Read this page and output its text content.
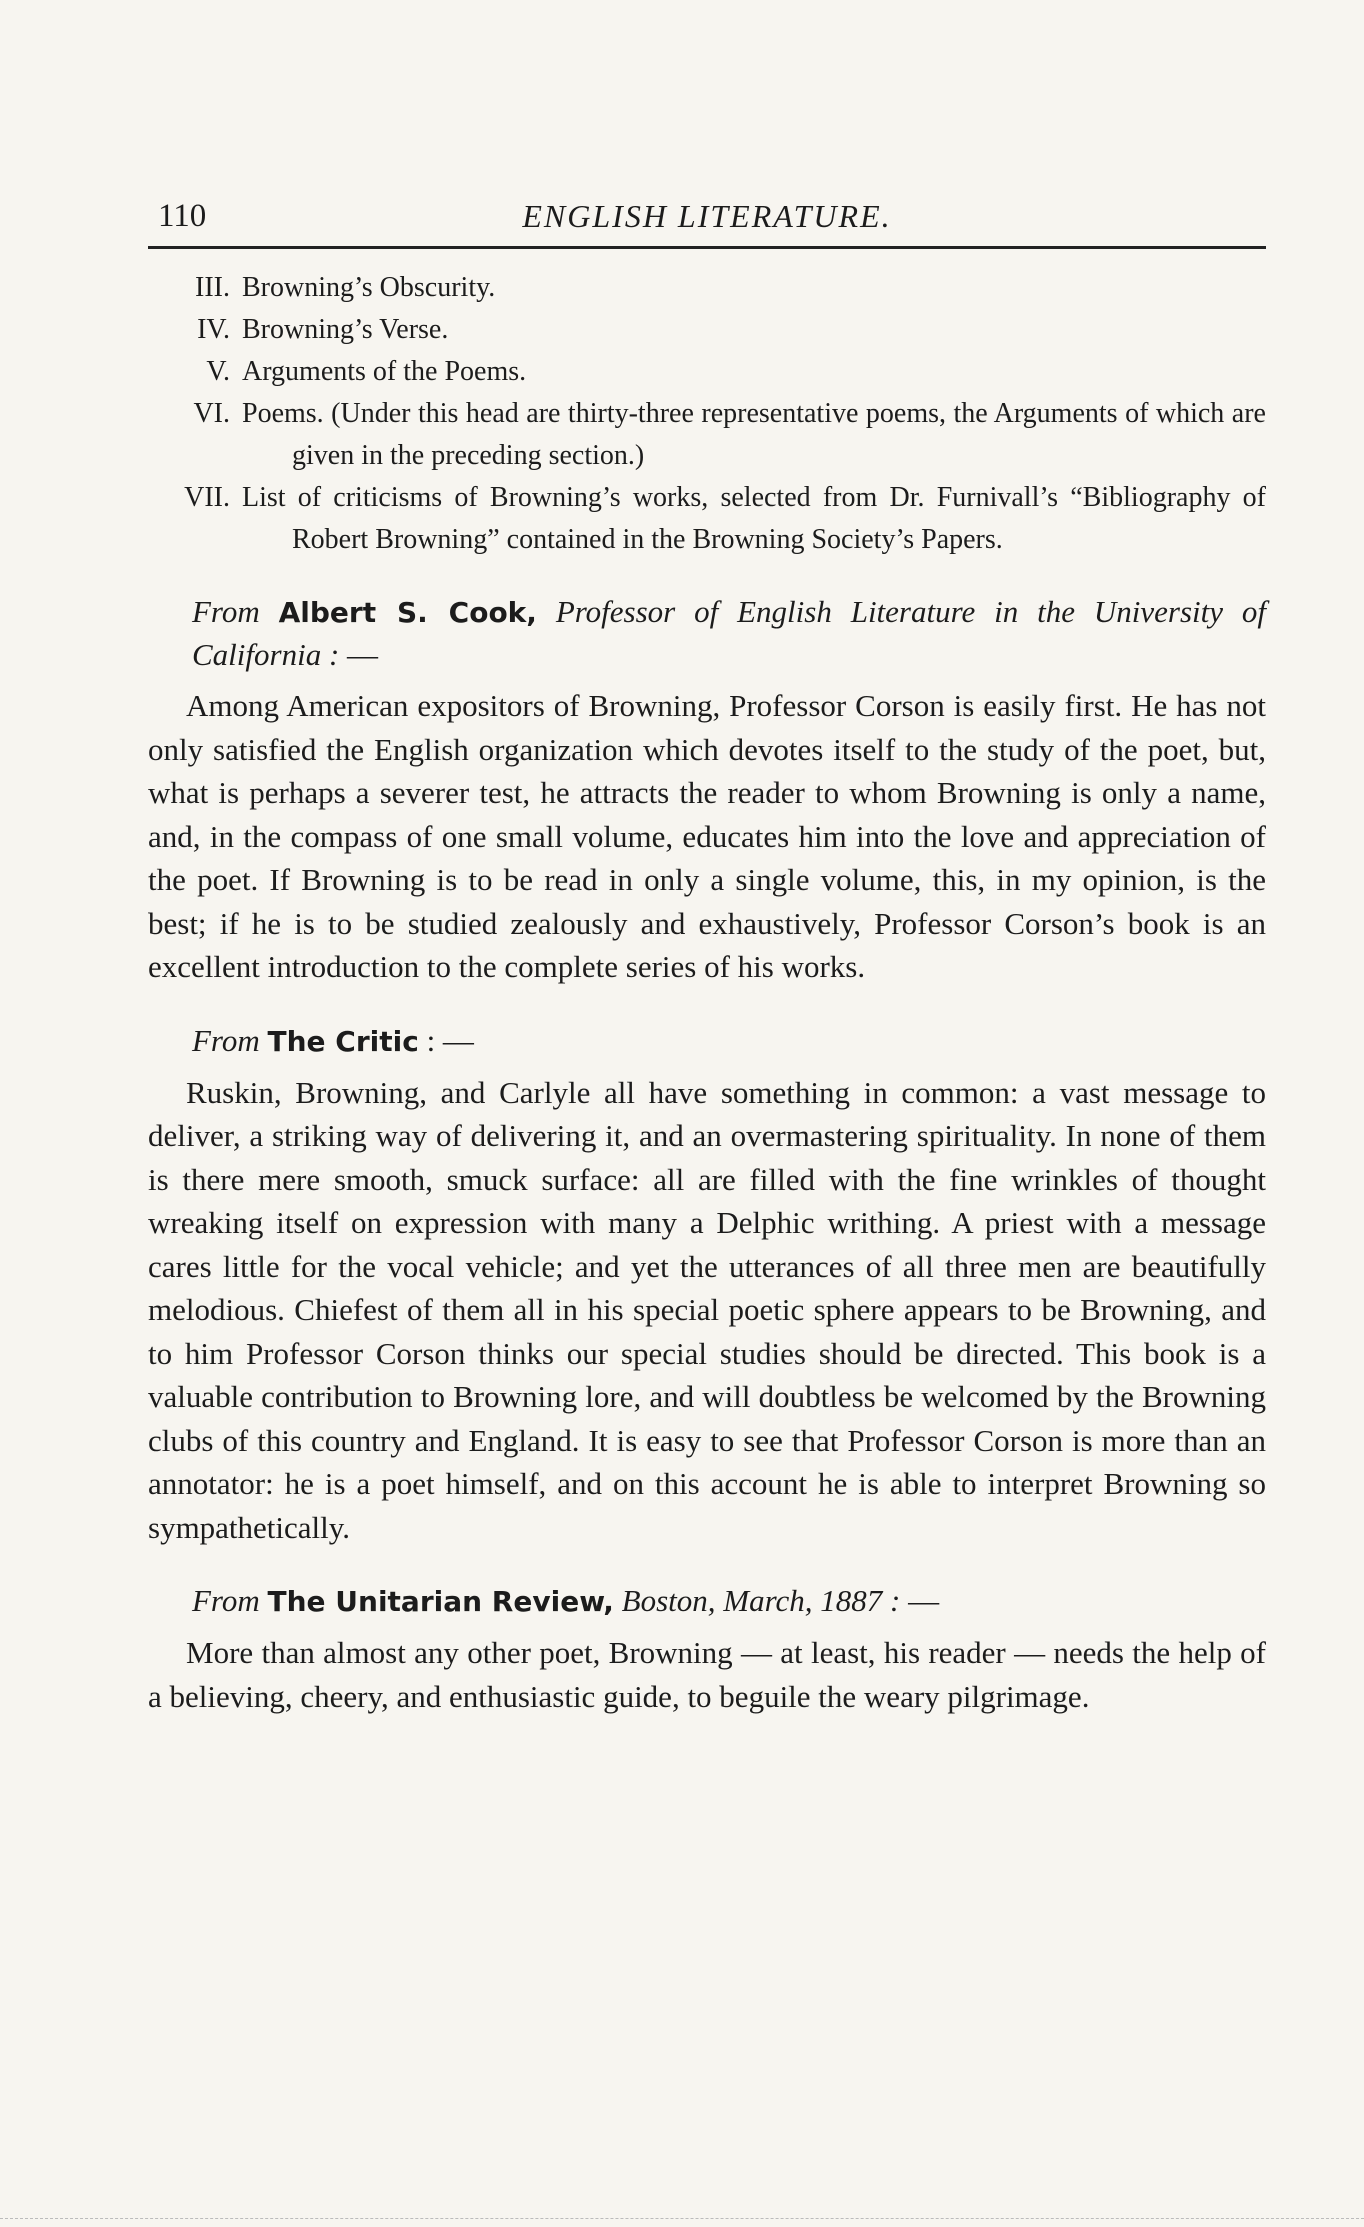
110	ENGLISH LITERATURE.
III. Browning’s Obscurity.
IV. Browning’s Verse.
V. Arguments of the Poems.
VI. Poems. (Under this head are thirty-three representative poems, the Arguments of which are given in the preceding section.)
VII. List of criticisms of Browning’s works, selected from Dr. Furnivall’s “Bibliography of Robert Browning” contained in the Browning Society’s Papers.
From Albert S. Cook, Professor of English Literature in the University of California : —

Among American expositors of Browning, Professor Corson is easily first. He has not only satisfied the English organization which devotes itself to the study of the poet, but, what is perhaps a severer test, he attracts the reader to whom Browning is only a name, and, in the compass of one small volume, educates him into the love and appreciation of the poet. If Browning is to be read in only a single volume, this, in my opinion, is the best; if he is to be studied zealously and exhaustively, Professor Corson’s book is an excellent introduction to the complete series of his works.

From The Critic : —

Ruskin, Browning, and Carlyle all have something in common: a vast message to deliver, a striking way of delivering it, and an overmastering spirituality. In none of them is there mere smooth, smuck surface: all are filled with the fine wrinkles of thought wreaking itself on expression with many a Delphic writhing. A priest with a message cares little for the vocal vehicle; and yet the utterances of all three men are beautifully melodious. Chiefest of them all in his special poetic sphere appears to be Browning, and to him Professor Corson thinks our special studies should be directed. This book is a valuable contribution to Browning lore, and will doubtless be welcomed by the Browning clubs of this country and England. It is easy to see that Professor Corson is more than an annotator: he is a poet himself, and on this account he is able to interpret Browning so sympathetically.

From The Unitarian Review, Boston, March, 1887 : —

More than almost any other poet, Browning — at least, his reader — needs the help of a believing, cheery, and enthusiastic guide, to beguile the weary pilgrimage.
